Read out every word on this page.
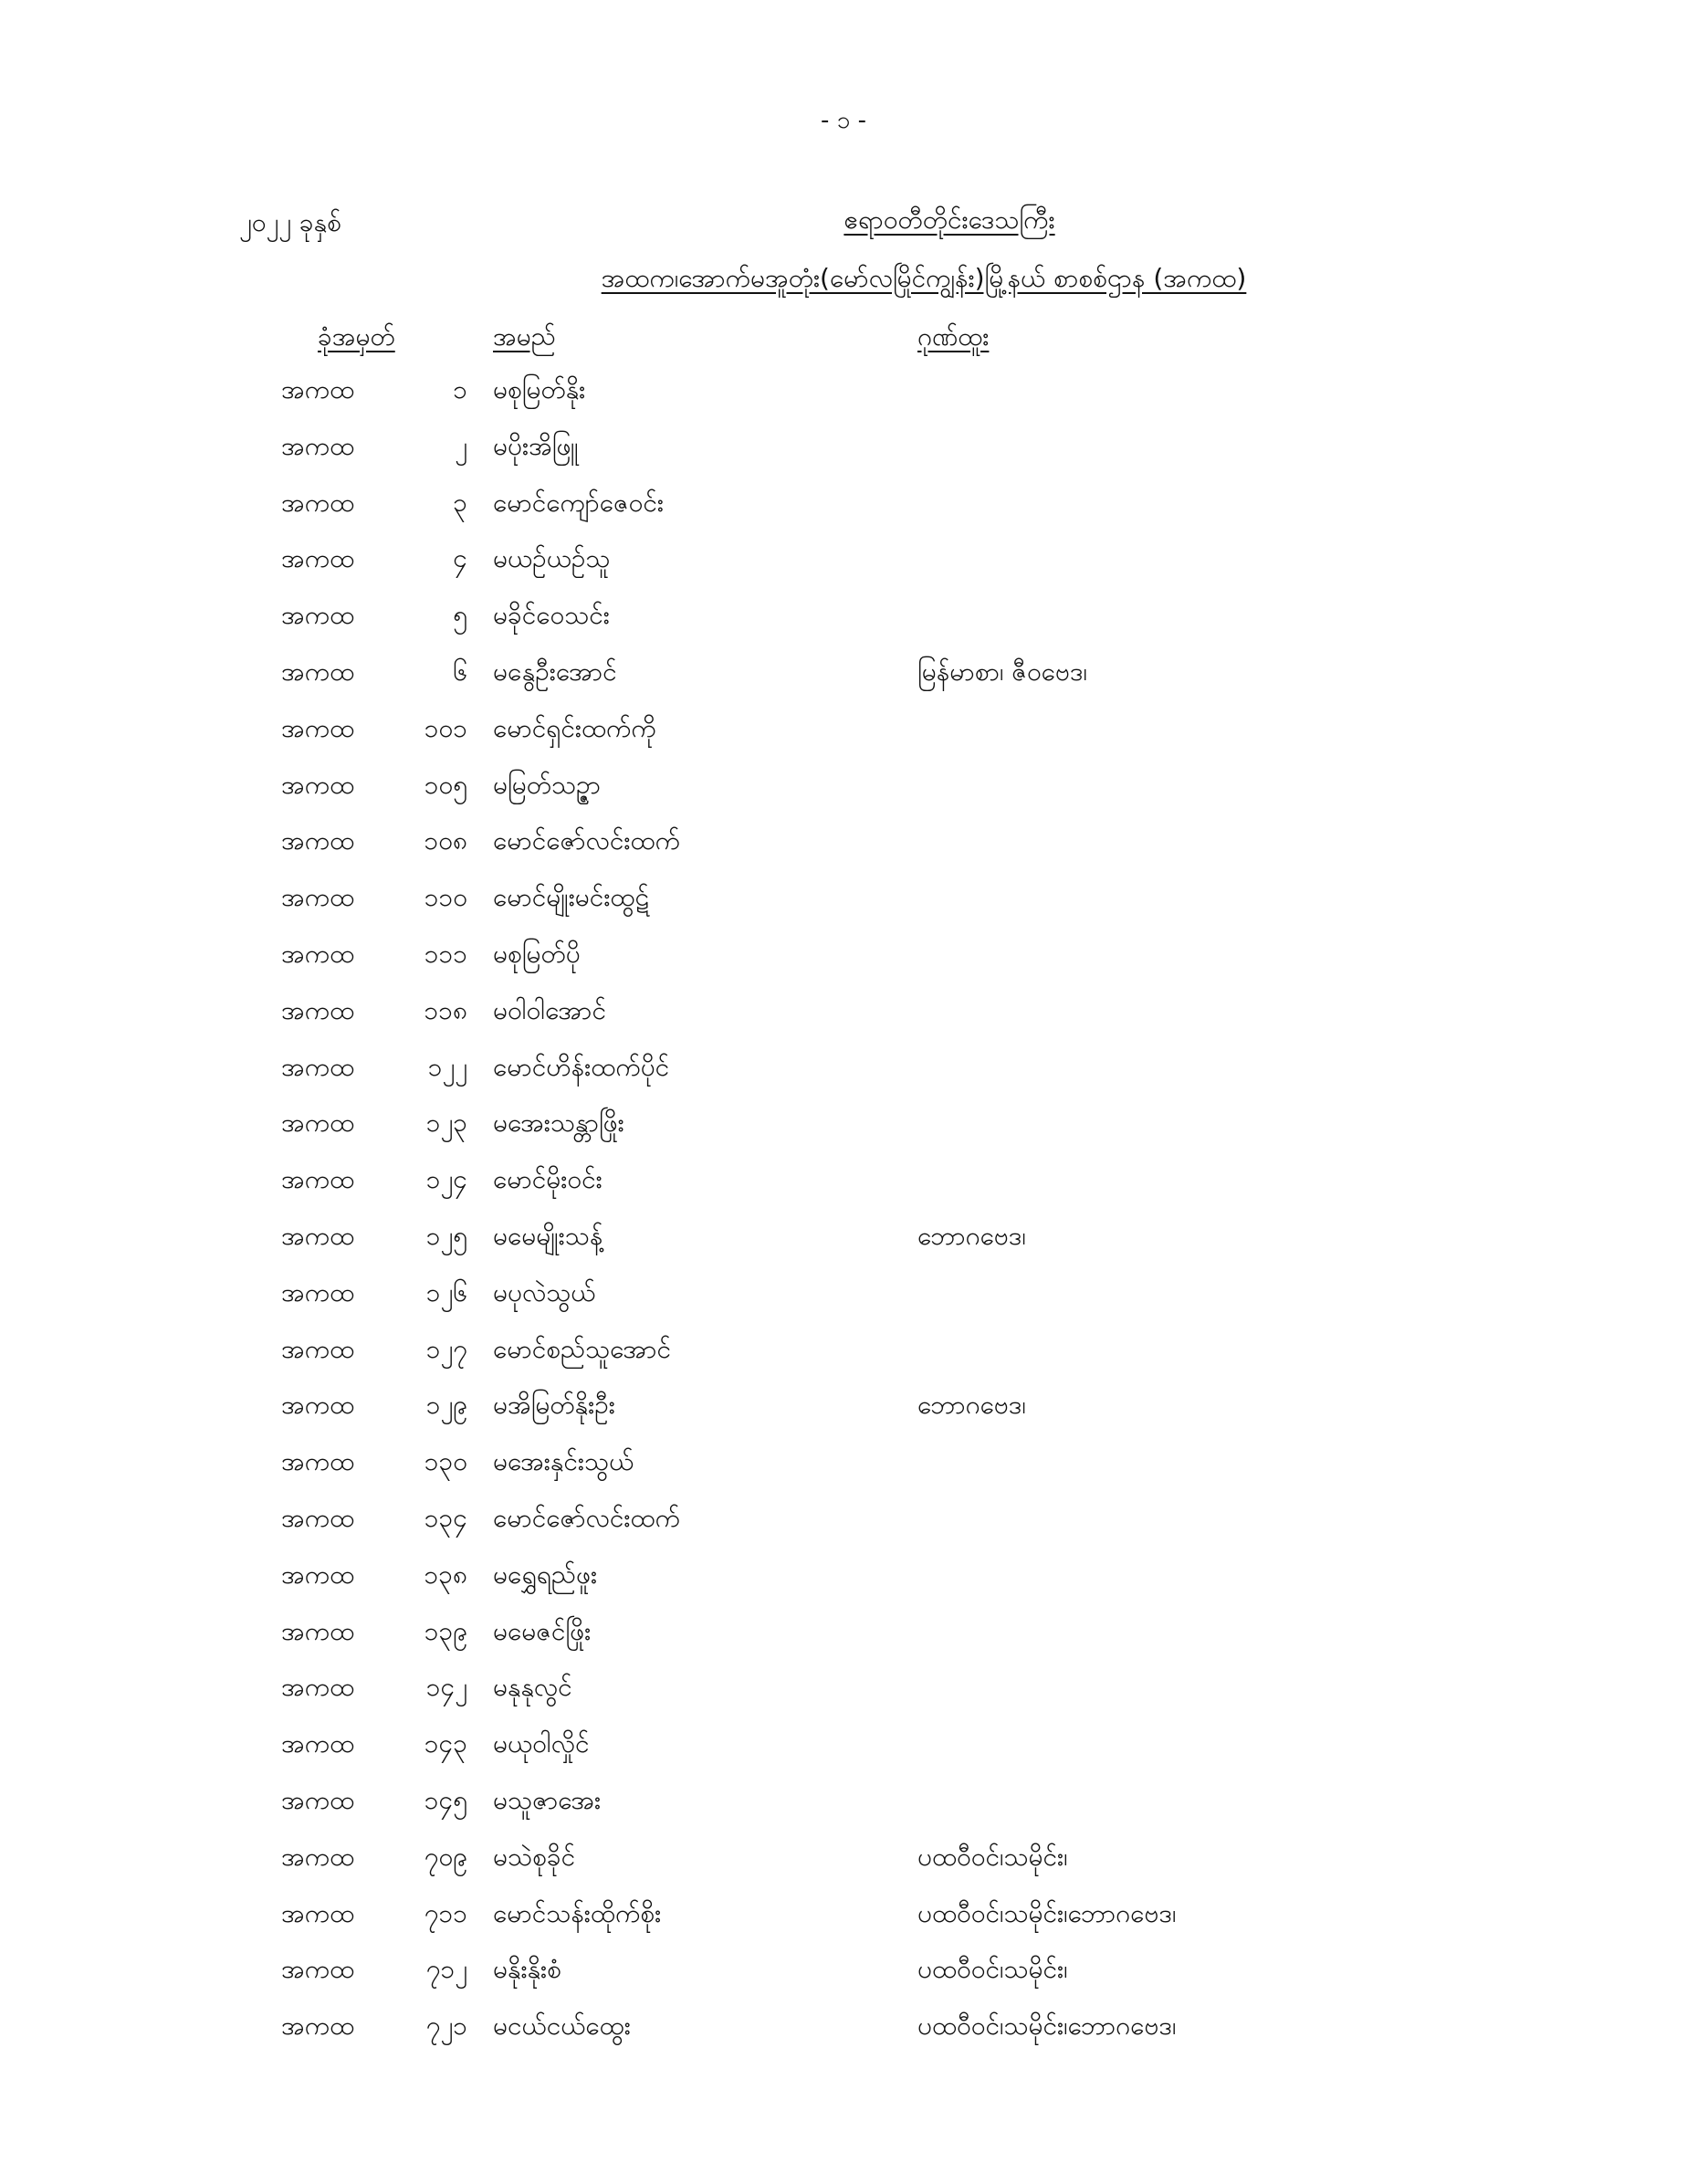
- ၁ -
၂၀၂၂ ခုနှစ်	ဧရာဝတီတိုင်းဒေသကြီး
အထက၊အောက်မအူတုံး(မော်လမြိုင်ကျွန်း)မြို့နယ် စာစစ်ဌာန (အကထ)
ခုံအမှတ်	အမည်	ဂုဏ်ထူး
အကထ	၁ မစုမြတ်နိုး
အကထ	၂ မပိုးအိဖြူ
အကထ	၃ မောင်ကျော်ဇေဝင်း
အကထ	၄ မယဉ်ယဉ်သူ
အကထ	၅ မခိုင်ဝေသင်း
အကထ	၆ မနွေဦးအောင်	မြန်မာစာ၊ ဇီဝဗေဒ၊
အကထ	၁၀၁ မောင်ရှင်းထက်ကို
အကထ	၁၀၅ မမြတ်သဉ္ဇာ
အကထ	၁၀၈ မောင်ဇော်လင်းထက်
အကထ	၁၁၀ မောင်မျိုးမင်းထွဋ်
အကထ	၁၁၁ မစုမြတ်ပို
အကထ	၁၁၈ မဝါဝါအောင်
အကထ	၁၂၂ မောင်ဟိန်းထက်ပိုင်
အကထ	၁၂၃ မအေးသန္တာဖြိုး
အကထ	၁၂၄ မောင်မိုးဝင်း
အကထ	၁၂၅ မမေမျိုးသန့်	ဘောဂဗေဒ၊
အကထ	၁၂၆ မပုလဲသွယ်
အကထ	၁၂၇ မောင်စည်သူအောင်
အကထ	၁၂၉ မအိမြတ်နိုးဦး	ဘောဂဗေဒ၊
အကထ	၁၃၀ မအေးနှင်းသွယ်
အကထ	၁၃၄ မောင်ဇော်လင်းထက်
အကထ	၁၃၈ မရွှေရည်ဖူး
အကထ	၁၃၉ မမေဇင်ဖြိုး
အကထ	၁၄၂ မနုနုလွင်
အကထ	၁၄၃ မယုဝါလှိုင်
အကထ	၁၄၅ မသူဇာအေး
အကထ	၇၀၉ မသဲစုခိုင်	ပထဝီဝင်၊သမိုင်း၊
အကထ	၇၁၁ မောင်သန်းထိုက်စိုး	ပထဝီဝင်၊သမိုင်း၊ဘောဂဗေဒ၊
အကထ	၇၁၂ မနိုးနိုးစံ	ပထဝီဝင်၊သမိုင်း၊
အကထ	၇၂၁ မငယ်ငယ်ထွေး	ပထဝီဝင်၊သမိုင်း၊ဘောဂဗေဒ၊
